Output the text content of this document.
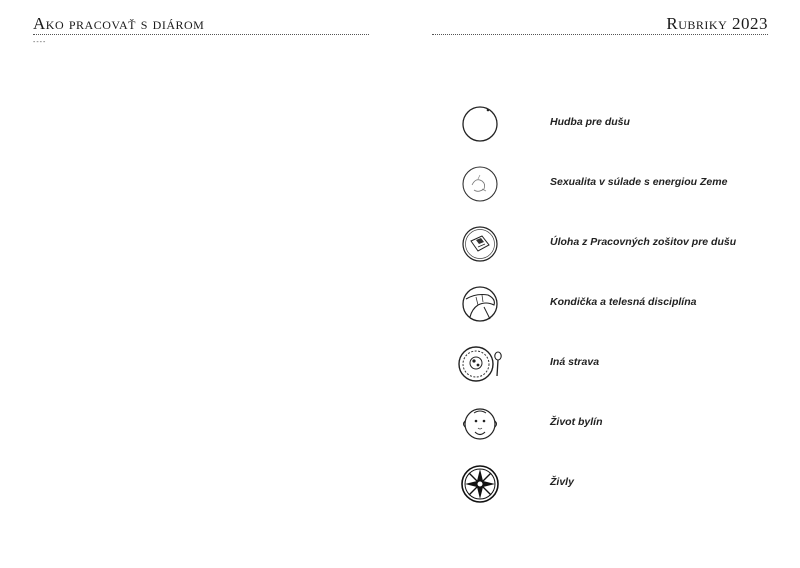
Ako pracovať s diárom
----
Rubriky 2023
Hudba pre dušu
Sexualita v súlade s energiou Zeme
Úloha z Pracovných zošitov pre dušu
Kondička a telesná disciplína
Iná strava
Život bylín
Živly
